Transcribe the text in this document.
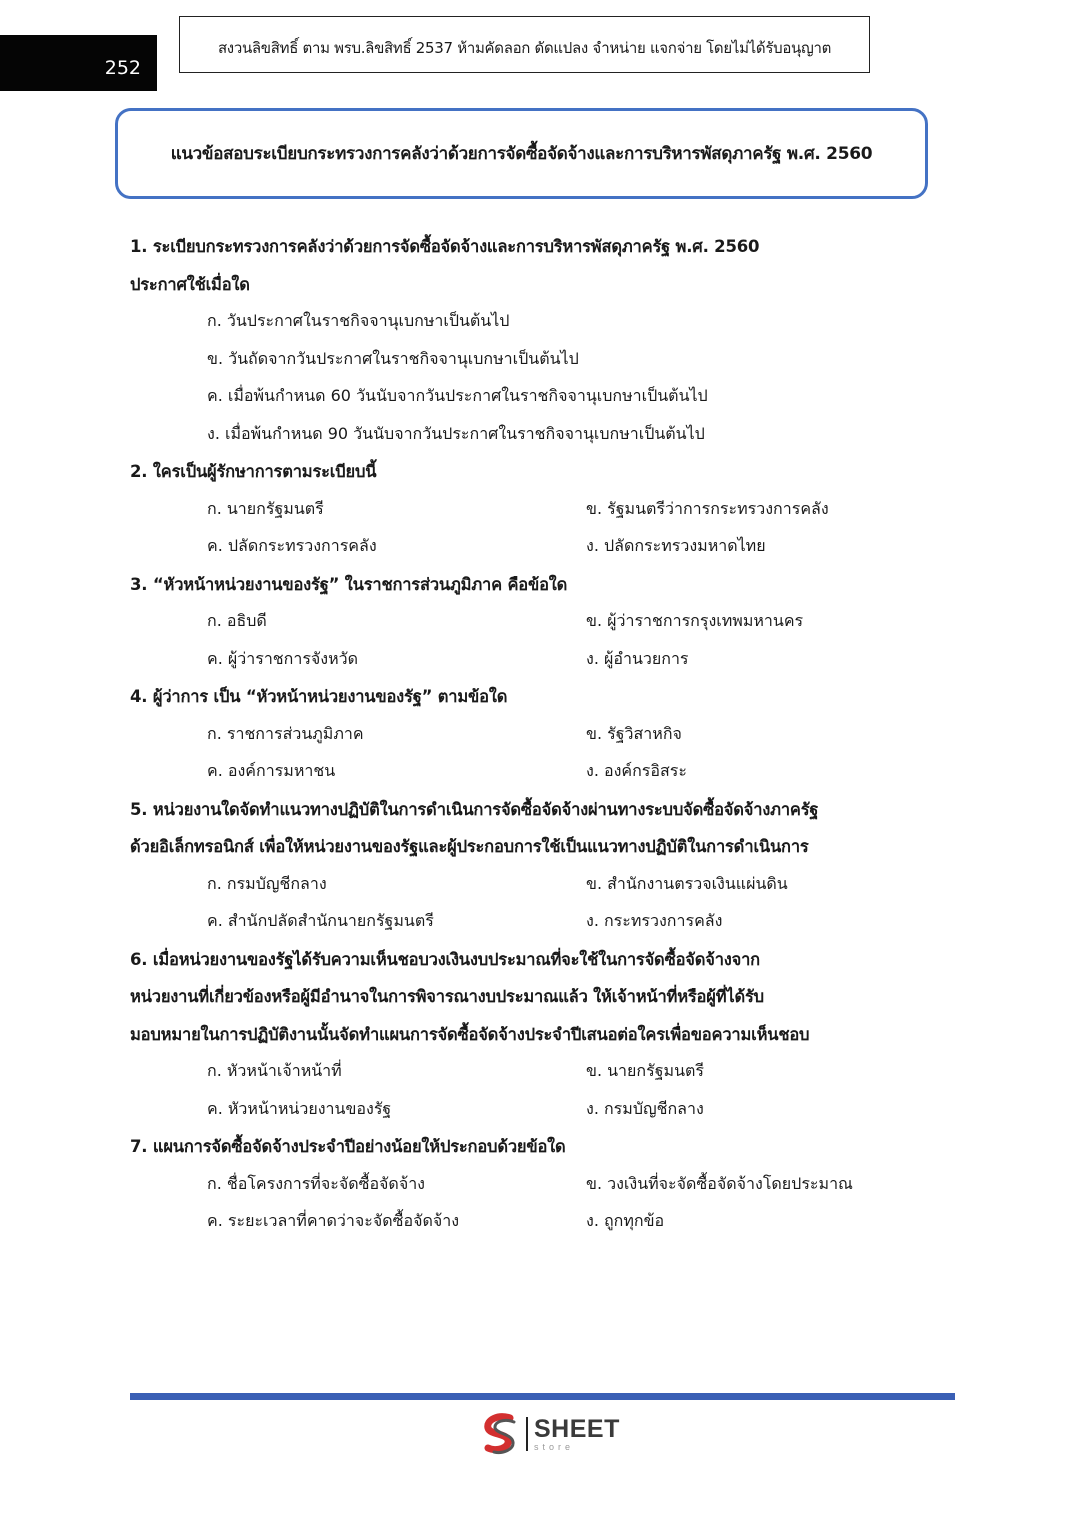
252
สงวนลิขสิทธิ์ ตาม พรบ.ลิขสิทธิ์ 2537 ห้ามคัดลอก ดัดแปลง จำหน่าย แจกจ่าย โดยไม่ได้รับอนุญาต
แนวข้อสอบระเบียบกระทรวงการคลังว่าด้วยการจัดซื้อจัดจ้างและการบริหารพัสดุภาครัฐ พ.ศ. 2560
1. ระเบียบกระทรวงการคลังว่าด้วยการจัดซื้อจัดจ้างและการบริหารพัสดุภาครัฐ พ.ศ. 2560
ประกาศใช้เมื่อใด
ก. วันประกาศในราชกิจจานุเบกษาเป็นต้นไป
ข. วันถัดจากวันประกาศในราชกิจจานุเบกษาเป็นต้นไป
ค. เมื่อพ้นกำหนด 60 วันนับจากวันประกาศในราชกิจจานุเบกษาเป็นต้นไป
ง. เมื่อพ้นกำหนด 90 วันนับจากวันประกาศในราชกิจจานุเบกษาเป็นต้นไป
2. ใครเป็นผู้รักษาการตามระเบียบนี้
ก. นายกรัฐมนตรี	ข. รัฐมนตรีว่าการกระทรวงการคลัง
ค. ปลัดกระทรวงการคลัง	ง. ปลัดกระทรวงมหาดไทย
3. “หัวหน้าหน่วยงานของรัฐ” ในราชการส่วนภูมิภาค คือข้อใด
ก. อธิบดี	ข. ผู้ว่าราชการกรุงเทพมหานคร
ค. ผู้ว่าราชการจังหวัด	ง. ผู้อำนวยการ
4. ผู้ว่าการ เป็น “หัวหน้าหน่วยงานของรัฐ” ตามข้อใด
ก. ราชการส่วนภูมิภาค	ข. รัฐวิสาหกิจ
ค. องค์การมหาชน	ง. องค์กรอิสระ
5. หน่วยงานใดจัดทำแนวทางปฏิบัติในการดำเนินการจัดซื้อจัดจ้างผ่านทางระบบจัดซื้อจัดจ้างภาครัฐ
ด้วยอิเล็กทรอนิกส์ เพื่อให้หน่วยงานของรัฐและผู้ประกอบการใช้เป็นแนวทางปฏิบัติในการดำเนินการ
ก. กรมบัญชีกลาง	ข. สำนักงานตรวจเงินแผ่นดิน
ค. สำนักปลัดสำนักนายกรัฐมนตรี	ง. กระทรวงการคลัง
6. เมื่อหน่วยงานของรัฐได้รับความเห็นชอบวงเงินงบประมาณที่จะใช้ในการจัดซื้อจัดจ้างจาก
หน่วยงานที่เกี่ยวข้องหรือผู้มีอำนาจในการพิจารณางบประมาณแล้ว ให้เจ้าหน้าที่หรือผู้ที่ได้รับ
มอบหมายในการปฏิบัติงานนั้นจัดทำแผนการจัดซื้อจัดจ้างประจำปีเสนอต่อใครเพื่อขอความเห็นชอบ
ก. หัวหน้าเจ้าหน้าที่	ข. นายกรัฐมนตรี
ค. หัวหน้าหน่วยงานของรัฐ	ง. กรมบัญชีกลาง
7. แผนการจัดซื้อจัดจ้างประจำปีอย่างน้อยให้ประกอบด้วยข้อใด
ก. ชื่อโครงการที่จะจัดซื้อจัดจ้าง	ข. วงเงินที่จะจัดซื้อจัดจ้างโดยประมาณ
ค. ระยะเวลาที่คาดว่าจะจัดซื้อจัดจ้าง	ง. ถูกทุกข้อ
SHEET
store
